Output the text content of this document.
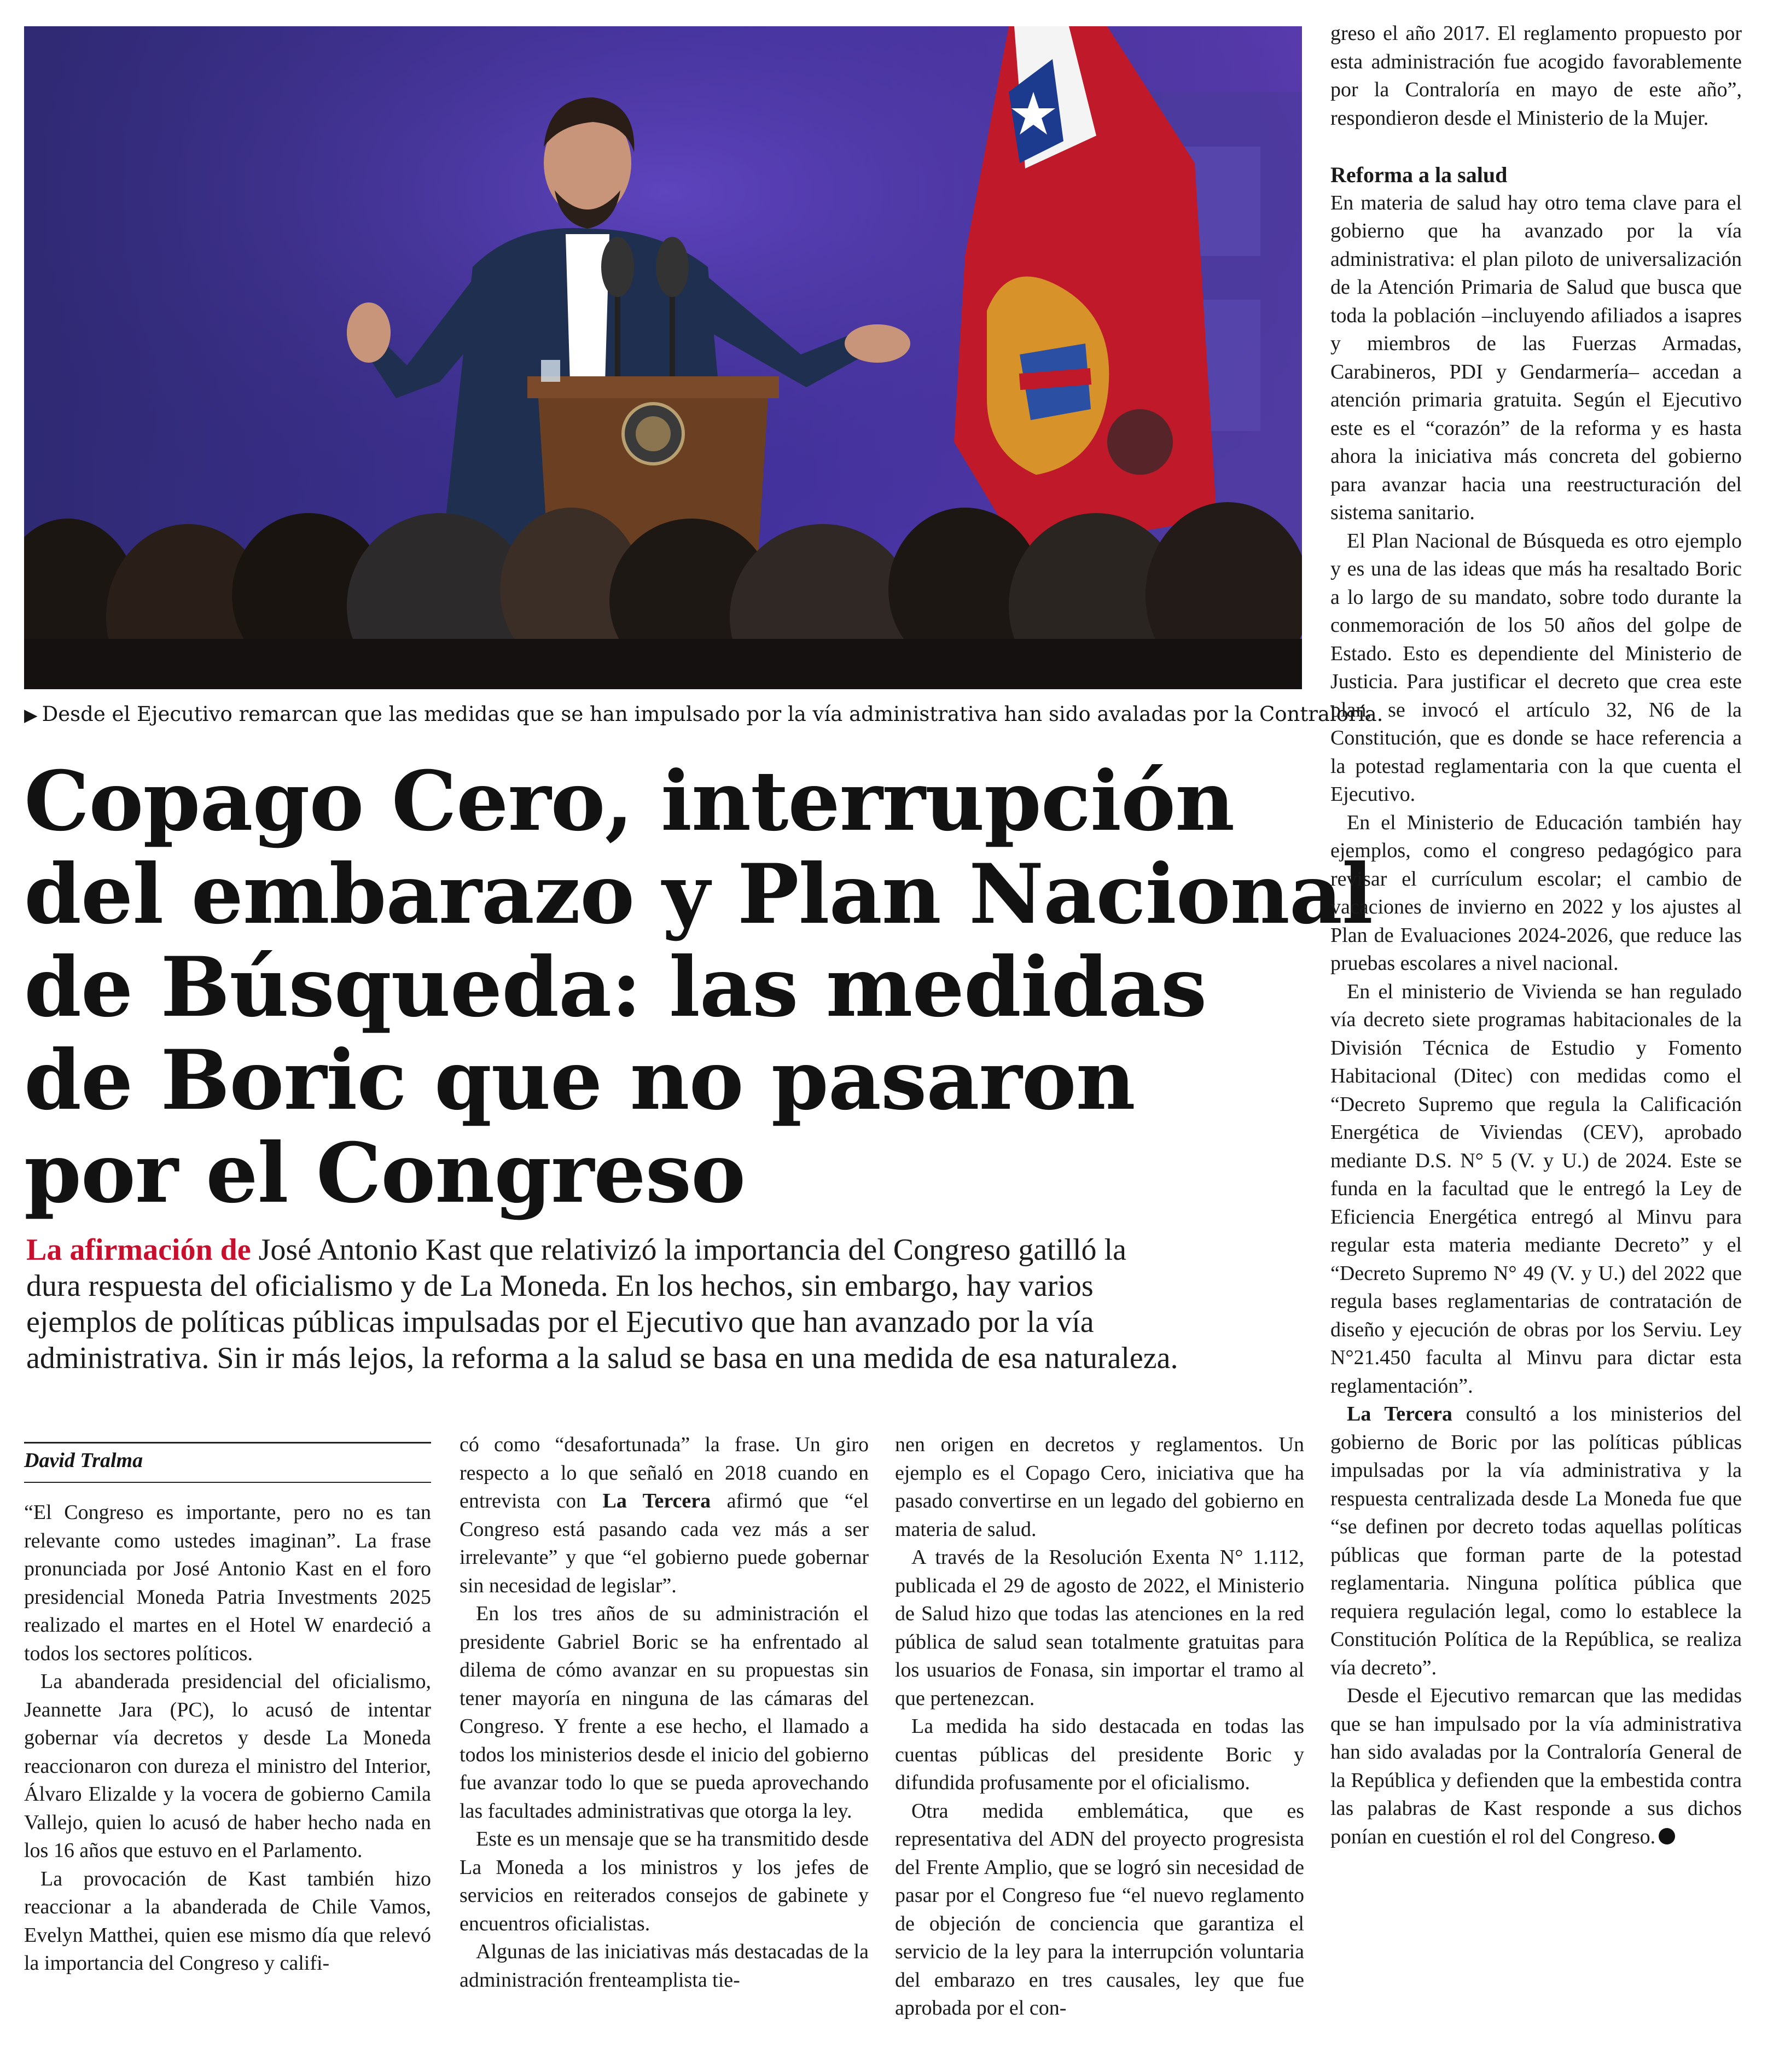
▶ Desde el Ejecutivo remarcan que las medidas que se han impulsado por la vía administrativa han sido avaladas por la Contraloría.
Copago Cero, interrupción
del embarazo y Plan Nacional
de Búsqueda: las medidas
de Boric que no pasaron
por el Congreso
La afirmación de José Antonio Kast que relativizó la importancia del Congreso gatilló la
dura respuesta del oficialismo y de La Moneda. En los hechos, sin embargo, hay varios
ejemplos de políticas públicas impulsadas por el Ejecutivo que han avanzado por la vía
administrativa. Sin ir más lejos, la reforma a la salud se basa en una medida de esa naturaleza.
David Tralma

“El Congreso es importante, pero no es tan relevante como ustedes imaginan”. La frase pronunciada por José Antonio Kast en el foro presidencial Moneda Patria Investments 2025 realizado el martes en el Hotel W enardeció a todos los sectores políticos.

La abanderada presidencial del oficialismo, Jeannette Jara (PC), lo acusó de intentar gobernar vía decretos y desde La Moneda reaccionaron con dureza el ministro del Interior, Álvaro Elizalde y la vocera de gobierno Camila Vallejo, quien lo acusó de haber hecho nada en los 16 años que estuvo en el Parlamento.

La provocación de Kast también hizo reaccionar a la abanderada de Chile Vamos, Evelyn Matthei, quien ese mismo día que relevó la importancia del Congreso y califi-

có como “desafortunada” la frase. Un giro respecto a lo que señaló en 2018 cuando en entrevista con La Tercera afirmó que “el Congreso está pasando cada vez más a ser irrelevante” y que “el gobierno puede gobernar sin necesidad de legislar”.

En los tres años de su administración el presidente Gabriel Boric se ha enfrentado al dilema de cómo avanzar en su propuestas sin tener mayoría en ninguna de las cámaras del Congreso. Y frente a ese hecho, el llamado a todos los ministerios desde el inicio del gobierno fue avanzar todo lo que se pueda aprovechando las facultades administrativas que otorga la ley.

Este es un mensaje que se ha transmitido desde La Moneda a los ministros y los jefes de servicios en reiterados consejos de gabinete y encuentros oficialistas.

Algunas de las iniciativas más destacadas de la administración frenteamplista tie-

nen origen en decretos y reglamentos. Un ejemplo es el Copago Cero, iniciativa que ha pasado convertirse en un legado del gobierno en materia de salud.

A través de la Resolución Exenta N° 1.112, publicada el 29 de agosto de 2022, el Ministerio de Salud hizo que todas las atenciones en la red pública de salud sean totalmente gratuitas para los usuarios de Fonasa, sin importar el tramo al que pertenezcan.

La medida ha sido destacada en todas las cuentas públicas del presidente Boric y difundida profusamente por el oficialismo.

Otra medida emblemática, que es representativa del ADN del proyecto progresista del Frente Amplio, que se logró sin necesidad de pasar por el Congreso fue “el nuevo reglamento de objeción de conciencia que garantiza el servicio de la ley para la interrupción voluntaria del embarazo en tres causales, ley que fue aprobada por el con-

greso el año 2017. El reglamento propuesto por esta administración fue acogido favorablemente por la Contraloría en mayo de este año”, respondieron desde el Ministerio de la Mujer.

Reforma a la salud

En materia de salud hay otro tema clave para el gobierno que ha avanzado por la vía administrativa: el plan piloto de universalización de la Atención Primaria de Salud que busca que toda la población –incluyendo afiliados a isapres y miembros de las Fuerzas Armadas, Carabineros, PDI y Gendarmería– accedan a atención primaria gratuita. Según el Ejecutivo este es el “corazón” de la reforma y es hasta ahora la iniciativa más concreta del gobierno para avanzar hacia una reestructuración del sistema sanitario.

El Plan Nacional de Búsqueda es otro ejemplo y es una de las ideas que más ha resaltado Boric a lo largo de su mandato, sobre todo durante la conmemoración de los 50 años del golpe de Estado. Esto es dependiente del Ministerio de Justicia. Para justificar el decreto que crea este plan, se invocó el artículo 32, N6 de la Constitución, que es donde se hace referencia a la potestad reglamentaria con la que cuenta el Ejecutivo.

En el Ministerio de Educación también hay ejemplos, como el congreso pedagógico para revisar el currículum escolar; el cambio de vacaciones de invierno en 2022 y los ajustes al Plan de Evaluaciones 2024-2026, que reduce las pruebas escolares a nivel nacional.

En el ministerio de Vivienda se han regulado vía decreto siete programas habitacionales de la División Técnica de Estudio y Fomento Habitacional (Ditec) con medidas como el “Decreto Supremo que regula la Calificación Energética de Viviendas (CEV), aprobado mediante D.S. N° 5 (V. y U.) de 2024. Este se funda en la facultad que le entregó la Ley de Eficiencia Energética entregó al Minvu para regular esta materia mediante Decreto” y el “Decreto Supremo N° 49 (V. y U.) del 2022 que regula bases reglamentarias de contratación de diseño y ejecución de obras por los Serviu. Ley N°21.450 faculta al Minvu para dictar esta reglamentación”.

La Tercera consultó a los ministerios del gobierno de Boric por las políticas públicas impulsadas por la vía administrativa y la respuesta centralizada desde La Moneda fue que “se definen por decreto todas aquellas políticas públicas que forman parte de la potestad reglamentaria. Ninguna política pública que requiera regulación legal, como lo establece la Constitución Política de la República, se realiza vía decreto”.

Desde el Ejecutivo remarcan que las medidas que se han impulsado por la vía administrativa han sido avaladas por la Contraloría General de la República y defienden que la embestida contra las palabras de Kast responde a sus dichos ponían en cuestión el rol del Congreso.
